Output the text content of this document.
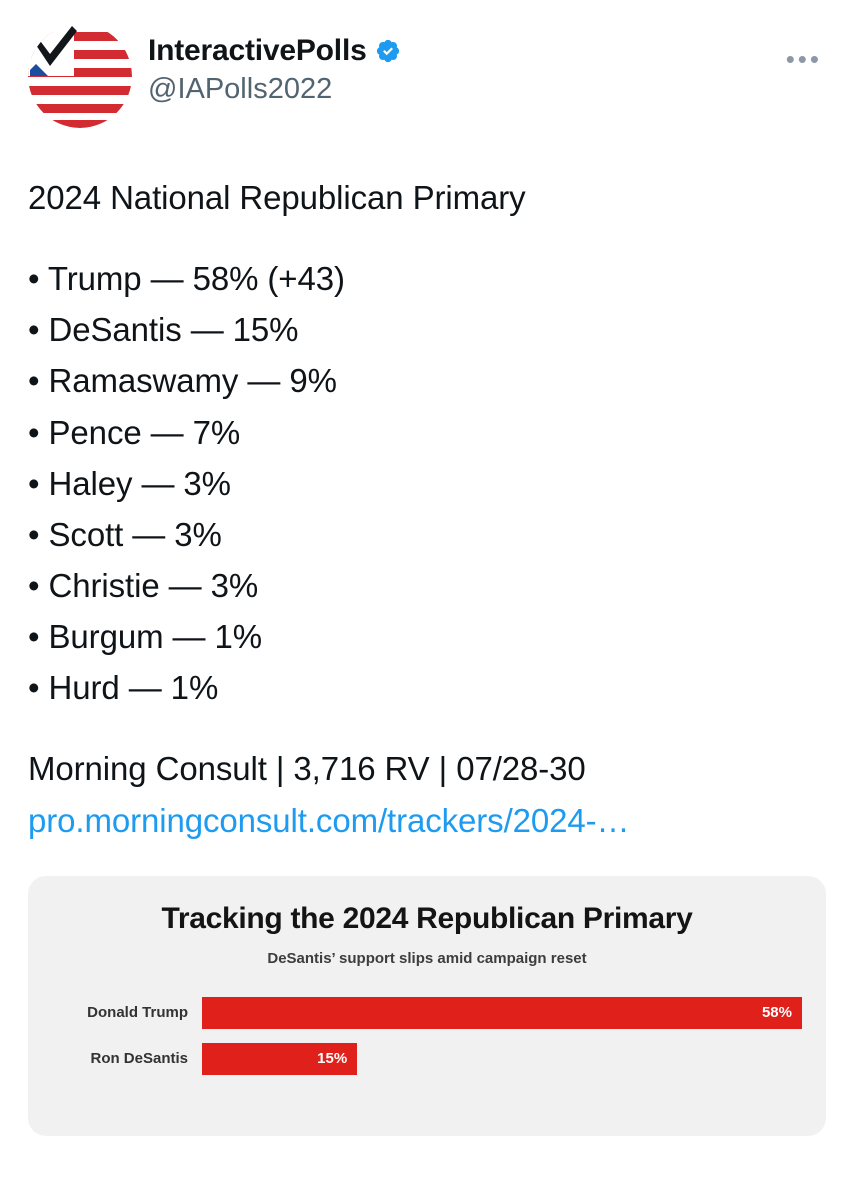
InteractivePolls
@IAPolls2022
•••
2024 National Republican Primary
• Trump — 58% (+43)
• DeSantis — 15%
• Ramaswamy — 9%
• Pence — 7%
• Haley — 3%
• Scott — 3%
• Christie — 3%
• Burgum — 1%
• Hurd — 1%
Morning Consult | 3,716 RV | 07/28-30
pro.morningconsult.com/trackers/2024-…
Tracking the 2024 Republican Primary
DeSantis’ support slips amid campaign reset
Donald Trump	58%
Ron DeSantis	15%
